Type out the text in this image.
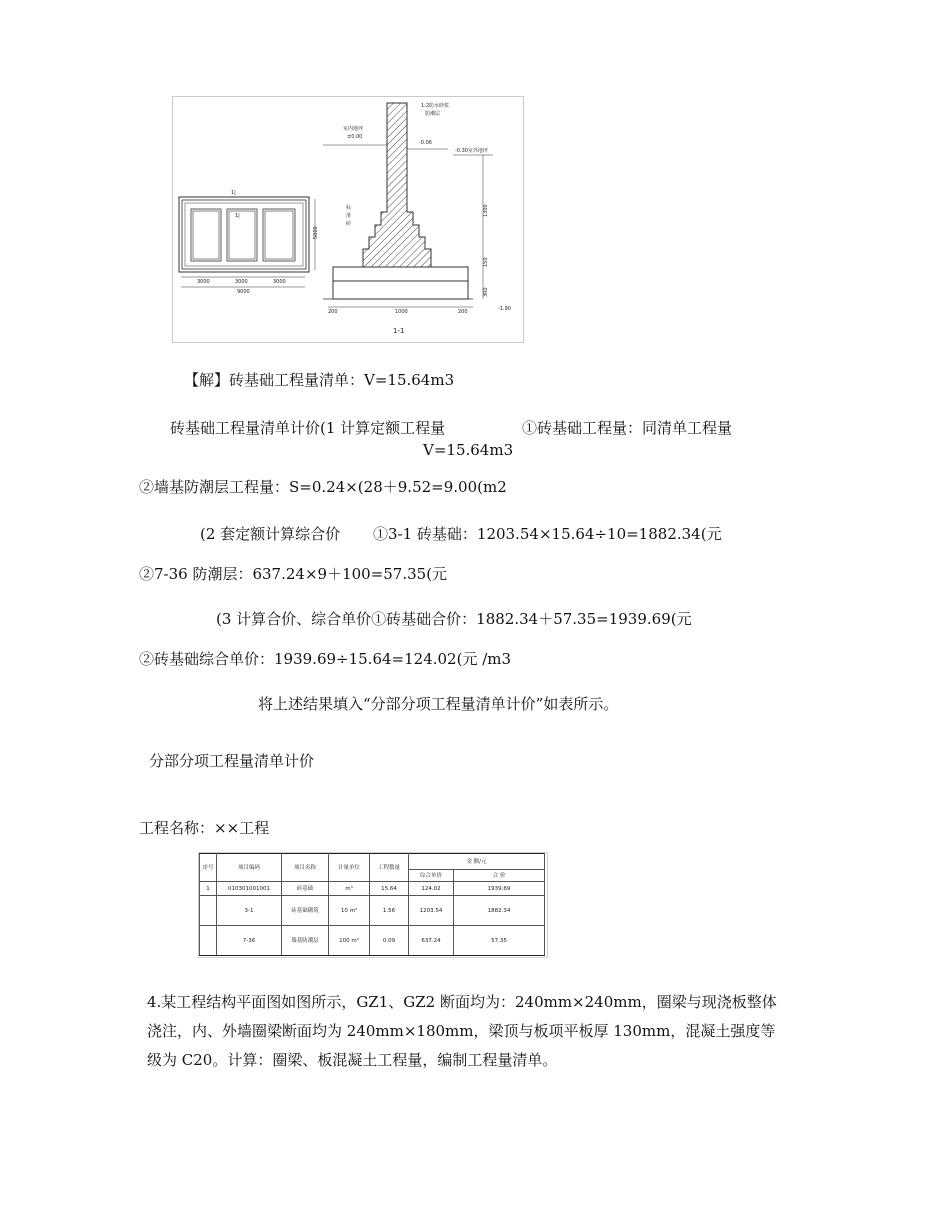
1|
1|
5000
3000	3000	3000
9000
1:2防水砂浆
防潮层
室内地坪
±0.00
-0.06
-0.30室外地坪
标
准
砖
1300
150
300
200	1000	200	-1.90
1-1
【解】砖基础工程量清单：V=15.64m3
砖基础工程量清单计价(1 计算定额工程量	①砖基础工程量：同清单工程量
V=15.64m3
②墙基防潮层工程量：S=0.24×(28＋9.52=9.00(m2
(2 套定额计算综合价 ①3-1 砖基础：1203.54×15.64÷10=1882.34(元
②7-36 防潮层：637.24×9＋100=57.35(元
(3 计算合价、综合单价①砖基础合价：1882.34＋57.35=1939.69(元
②砖基础综合单价：1939.69÷15.64=124.02(元 /m3
将上述结果填入“分部分项工程量清单计价”如表所示。
分部分项工程量清单计价
工程名称：××工程
序号	项目编码	项目名称	计量单位	工程数量	金 额/元	
					综合单价	合 价
1	010301001001	砖基础	m³	15.64	124.02	1939.69
	3-1	砖基础砌筑	10 m³	1.56	1203.54	1882.34
	7-36	墙基防潮层	100 m²	0.09	637.24	57.35
4.某工程结构平面图如图所示，GZ1、GZ2 断面均为：240mm×240mm，圈梁与现浇板整体浇注，内、外墙圈梁断面均为 240mm×180mm，梁顶与板项平板厚 130mm，混凝土强度等级为 C20。计算：圈梁、板混凝土工程量，编制工程量清单。
